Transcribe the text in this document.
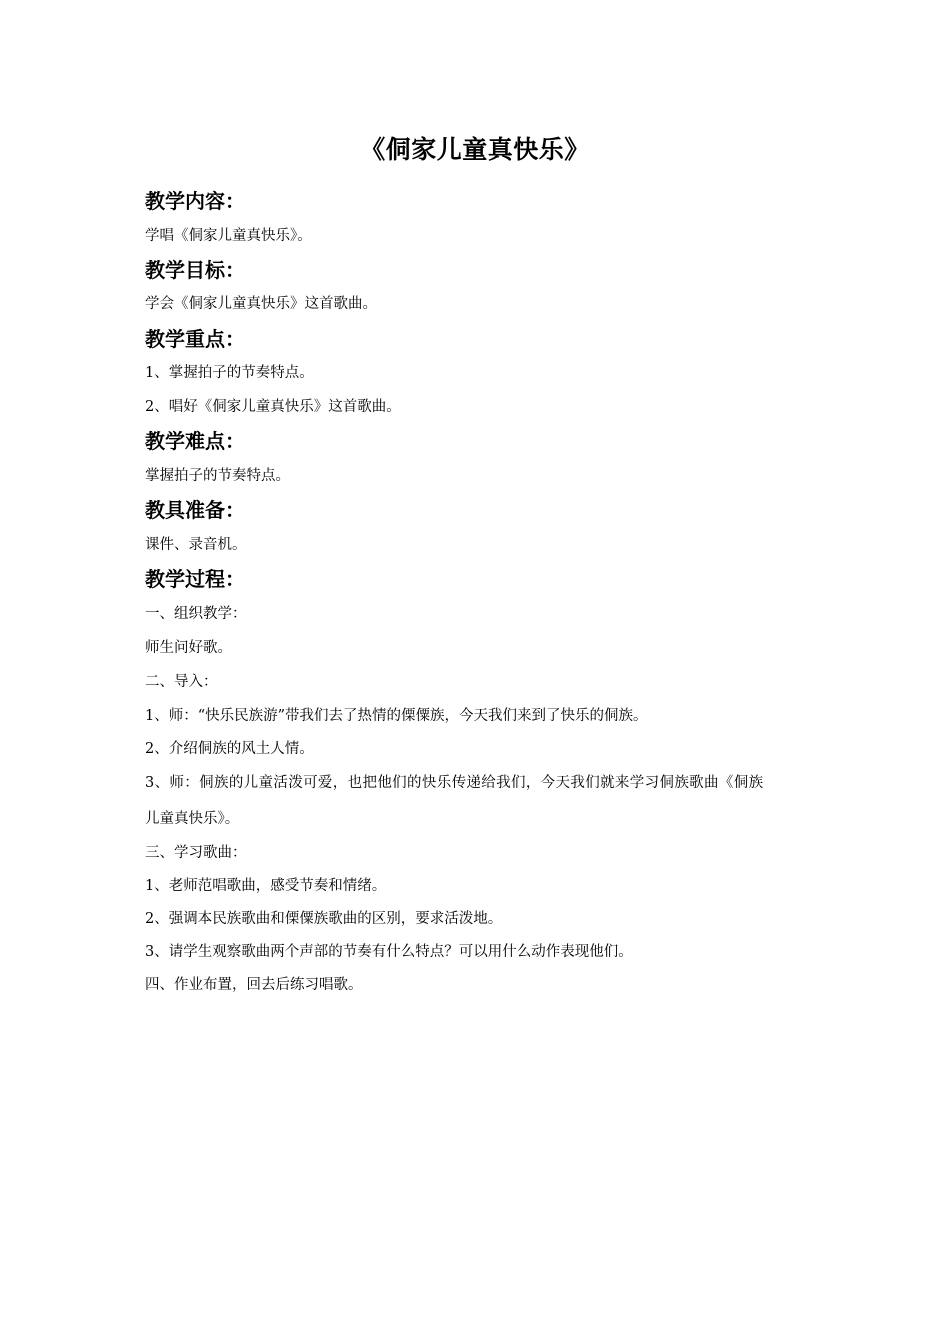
《侗家儿童真快乐》
教学内容：
学唱《侗家儿童真快乐》。
教学目标：
学会《侗家儿童真快乐》这首歌曲。
教学重点：
1、掌握拍子的节奏特点。
2、唱好《侗家儿童真快乐》这首歌曲。
教学难点：
掌握拍子的节奏特点。
教具准备：
课件、录音机。
教学过程：
一、组织教学：
师生问好歌。
二、导入：
1、师：“快乐民族游”带我们去了热情的傈僳族，今天我们来到了快乐的侗族。
2、介绍侗族的风土人情。
3、师：侗族的儿童活泼可爱，也把他们的快乐传递给我们，今天我们就来学习侗族歌曲《侗族
儿童真快乐》。
三、学习歌曲：
1、老师范唱歌曲，感受节奏和情绪。
2、强调本民族歌曲和傈僳族歌曲的区别，要求活泼地。
3、请学生观察歌曲两个声部的节奏有什么特点？可以用什么动作表现他们。
四、作业布置，回去后练习唱歌。
